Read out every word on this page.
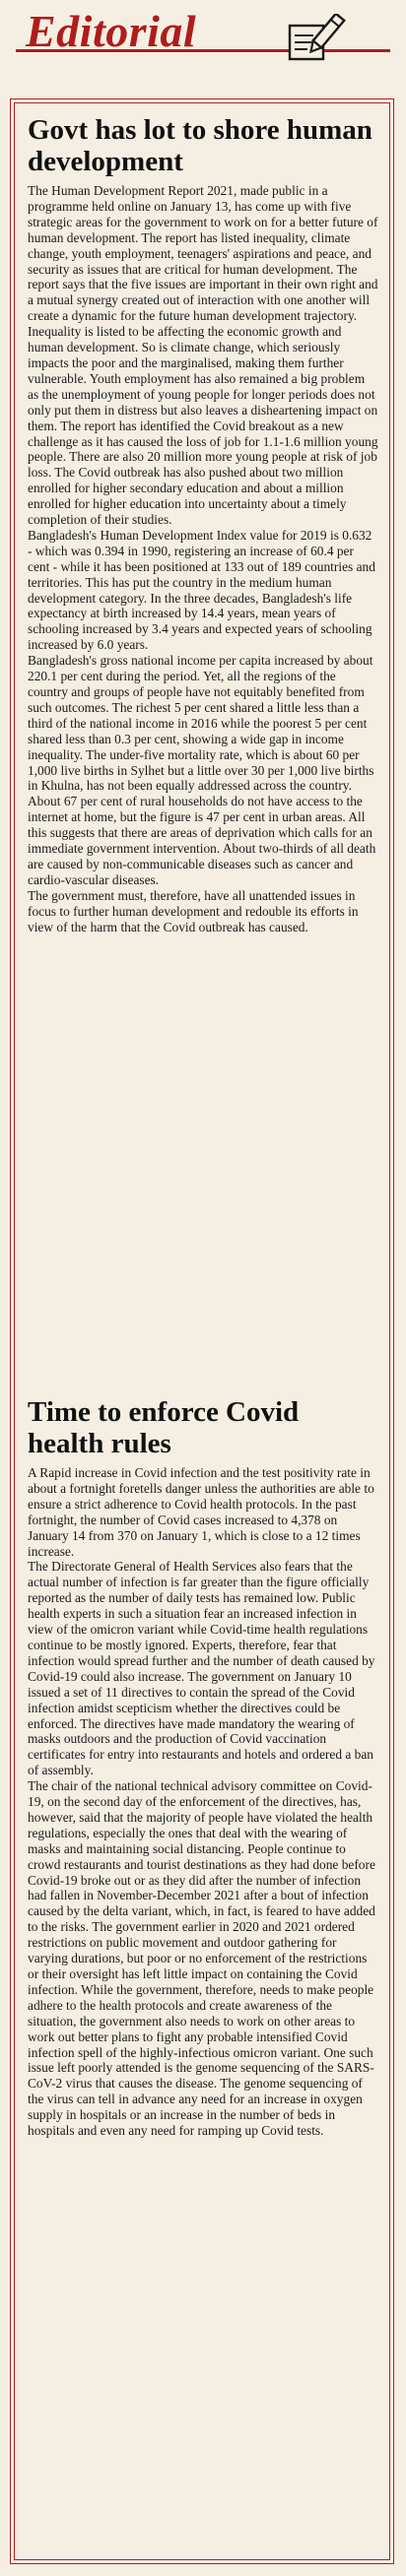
Editorial
Govt has lot to shore human development

The Human Development Report 2021, made public in a programme held online on January 13, has come up with five strategic areas for the government to work on for a better future of human development. The report has listed inequality, climate change, youth employment, teenagers' aspirations and peace, and security as issues that are critical for human development. The report says that the five issues are important in their own right and a mutual synergy created out of interaction with one another will create a dynamic for the future human development trajectory. Inequality is listed to be affecting the economic growth and human development. So is climate change, which seriously impacts the poor and the marginalised, making them further vulnerable. Youth employment has also remained a big problem as the unemployment of young people for longer periods does not only put them in distress but also leaves a disheartening impact on them. The report has identified the Covid breakout as a new challenge as it has caused the loss of job for 1.1-1.6 million young people. There are also 20 million more young people at risk of job loss. The Covid outbreak has also pushed about two million enrolled for higher secondary education and about a million enrolled for higher education into uncertainty about a timely completion of their studies.

Bangladesh's Human Development Index value for 2019 is 0.632 - which was 0.394 in 1990, registering an increase of 60.4 per cent - while it has been positioned at 133 out of 189 countries and territories. This has put the country in the medium human development category. In the three decades, Bangladesh's life expectancy at birth increased by 14.4 years, mean years of schooling increased by 3.4 years and expected years of schooling increased by 6.0 years.

Bangladesh's gross national income per capita increased by about 220.1 per cent during the period. Yet, all the regions of the country and groups of people have not equitably benefited from such outcomes. The richest 5 per cent shared a little less than a third of the national income in 2016 while the poorest 5 per cent shared less than 0.3 per cent, showing a wide gap in income inequality. The under-five mortality rate, which is about 60 per 1,000 live births in Sylhet but a little over 30 per 1,000 live births in Khulna, has not been equally addressed across the country. About 67 per cent of rural households do not have access to the internet at home, but the figure is 47 per cent in urban areas. All this suggests that there are areas of deprivation which calls for an immediate government intervention. About two-thirds of all death are caused by non-communicable diseases such as cancer and cardio-vascular diseases.

The government must, therefore, have all unattended issues in focus to further human development and redouble its efforts in view of the harm that the Covid outbreak has caused.

Time to enforce Covid health rules

A Rapid increase in Covid infection and the test positivity rate in about a fortnight foretells danger unless the authorities are able to ensure a strict adherence to Covid health protocols. In the past fortnight, the number of Covid cases increased to 4,378 on January 14 from 370 on January 1, which is close to a 12 times increase.

The Directorate General of Health Services also fears that the actual number of infection is far greater than the figure officially reported as the number of daily tests has remained low. Public health experts in such a situation fear an increased infection in view of the omicron variant while Covid-time health regulations continue to be mostly ignored. Experts, therefore, fear that infection would spread further and the number of death caused by Covid-19 could also increase. The government on January 10 issued a set of 11 directives to contain the spread of the Covid infection amidst scepticism whether the directives could be enforced. The directives have made mandatory the wearing of masks outdoors and the production of Covid vaccination certificates for entry into restaurants and hotels and ordered a ban of assembly.

The chair of the national technical advisory committee on Covid-19, on the second day of the enforcement of the directives, has, however, said that the majority of people have violated the health regulations, especially the ones that deal with the wearing of masks and maintaining social distancing. People continue to crowd restaurants and tourist destinations as they had done before Covid-19 broke out or as they did after the number of infection had fallen in November-December 2021 after a bout of infection caused by the delta variant, which, in fact, is feared to have added to the risks. The government earlier in 2020 and 2021 ordered restrictions on public movement and outdoor gathering for varying durations, but poor or no enforcement of the restrictions or their oversight has left little impact on containing the Covid infection. While the government, therefore, needs to make people adhere to the health protocols and create awareness of the situation, the government also needs to work on other areas to work out better plans to fight any probable intensified Covid infection spell of the highly-infectious omicron variant. One such issue left poorly attended is the genome sequencing of the SARS-CoV-2 virus that causes the disease. The genome sequencing of the virus can tell in advance any need for an increase in oxygen supply in hospitals or an increase in the number of beds in hospitals and even any need for ramping up Covid tests.
